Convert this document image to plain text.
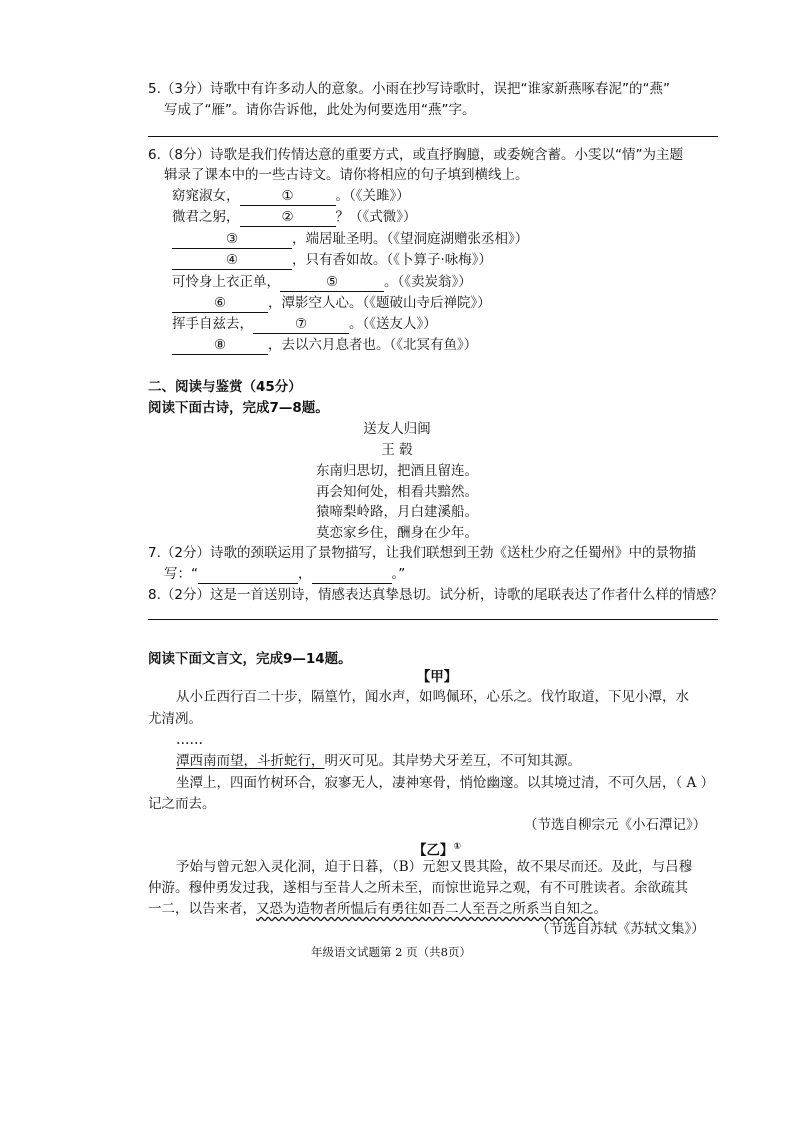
5.（3分）诗歌中有许多动人的意象。小雨在抄写诗歌时，误把“谁家新燕啄春泥”的“燕”
写成了“雁”。请你告诉他，此处为何要选用“燕”字。
6.（8分）诗歌是我们传情达意的重要方式，或直抒胸臆，或委婉含蓄。小雯以“情”为主题
辑录了课本中的一些古诗文。请你将相应的句子填到横线上。
窈窕淑女，	①	。（《关雎》）
微君之躬，	②	？（《式微》）
③	，端居耻圣明。（《望洞庭湖赠张丞相》）
④	，只有香如故。（《卜算子·咏梅》）
可怜身上衣正单，	⑤	。（《卖炭翁》）
⑥	，潭影空人心。（《题破山寺后禅院》）
挥手自兹去，	⑦	。（《送友人》）
⑧	，去以六月息者也。（《北冥有鱼》）
二、阅读与鉴赏（45分）
阅读下面古诗，完成7—8题。
送友人归闽
王 毂
东南归思切，把酒且留连。
再会知何处，相看共黯然。
猿啼梨岭路，月白建溪船。
莫恋家乡住，酬身在少年。
7.（2分）诗歌的颈联运用了景物描写，让我们联想到王勃《送杜少府之任蜀州》中的景物描
写：“	，	。”
8.（2分）这是一首送别诗，情感表达真挚恳切。试分析，诗歌的尾联表达了作者什么样的情感？
阅读下面文言文，完成9—14题。
【甲】
从小丘西行百二十步，隔篁竹，闻水声，如鸣佩环，心乐之。伐竹取道，下见小潭，水
尤清冽。
……
潭西南而望，斗折蛇行，明灭可见。其岸势犬牙差互，不可知其源。
坐潭上，四面竹树环合，寂寥无人，凄神寒骨，悄怆幽邃。以其境过清，不可久居，（ A ）
记之而去。
（节选自柳宗元《小石潭记》）
【乙】①
予始与曾元恕入灵化洞，迫于日暮，（B）元恕又畏其险，故不果尽而还。及此，与吕穆
仲游。穆仲勇发过我，遂相与至昔人之所未至，而惊世诡异之观，有不可胜读者。余欲疏其
一二，以告来者，又恐为造物者所愠后有勇往如吾二人至吾之所系当自知之。
（节选自苏轼《苏轼文集》）
年级语文试题第 2 页（共8页）
